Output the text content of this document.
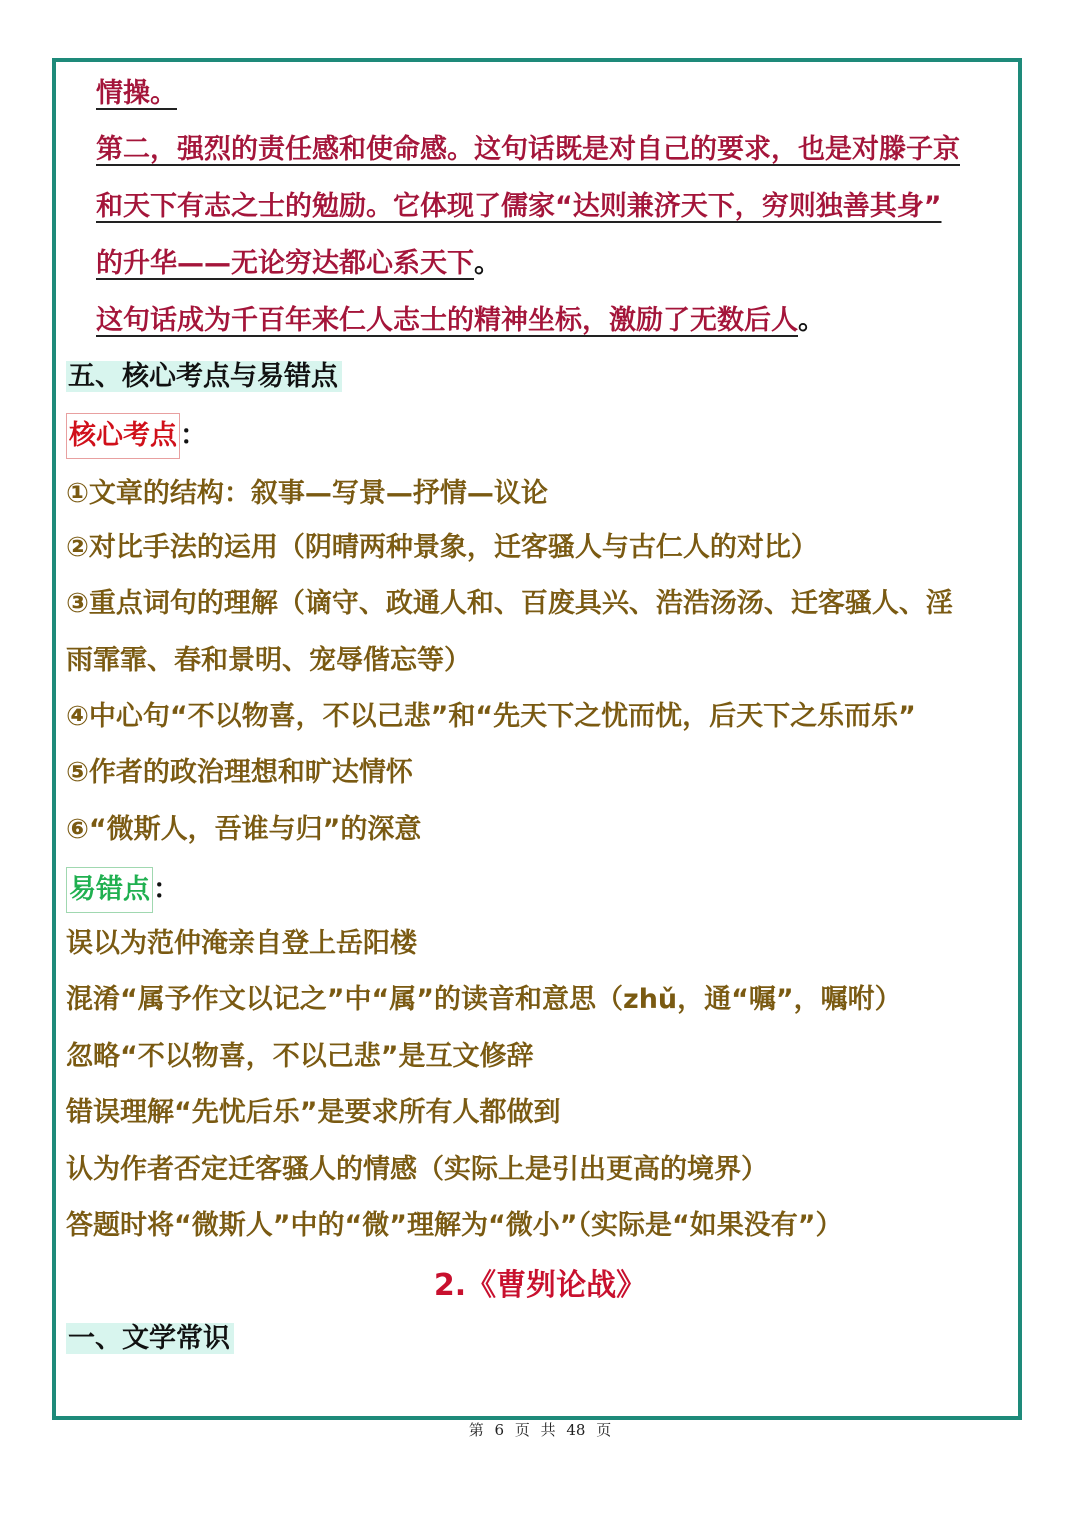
情操。
第二，强烈的责任感和使命感。这句话既是对自己的要求，也是对滕子京
和天下有志之士的勉励。它体现了儒家“达则兼济天下，穷则独善其身”
的升华——无论穷达都心系天下。
这句话成为千百年来仁人志士的精神坐标，激励了无数后人。
五、核心考点与易错点
核心考点 ：
①文章的结构：叙事—写景—抒情—议论
②对比手法的运用（阴晴两种景象，迁客骚人与古仁人的对比）
③重点词句的理解（谪守、政通人和、百废具兴、浩浩汤汤、迁客骚人、淫
雨霏霏、春和景明、宠辱偕忘等）
④中心句“不以物喜，不以己悲”和“先天下之忧而忧，后天下之乐而乐”
⑤作者的政治理想和旷达情怀
⑥“微斯人，吾谁与归”的深意
易错点 ：
误以为范仲淹亲自登上岳阳楼
混淆“属予作文以记之”中“属”的读音和意思（zhǔ，通“嘱”，嘱咐）
忽略“不以物喜，不以己悲”是互文修辞
错误理解“先忧后乐”是要求所有人都做到
认为作者否定迁客骚人的情感（实际上是引出更高的境界）
答题时将“微斯人”中的“微”理解为“微小”（实际是“如果没有”）
2.《曹刿论战》
一、文学常识
第 6 页 共 48 页
